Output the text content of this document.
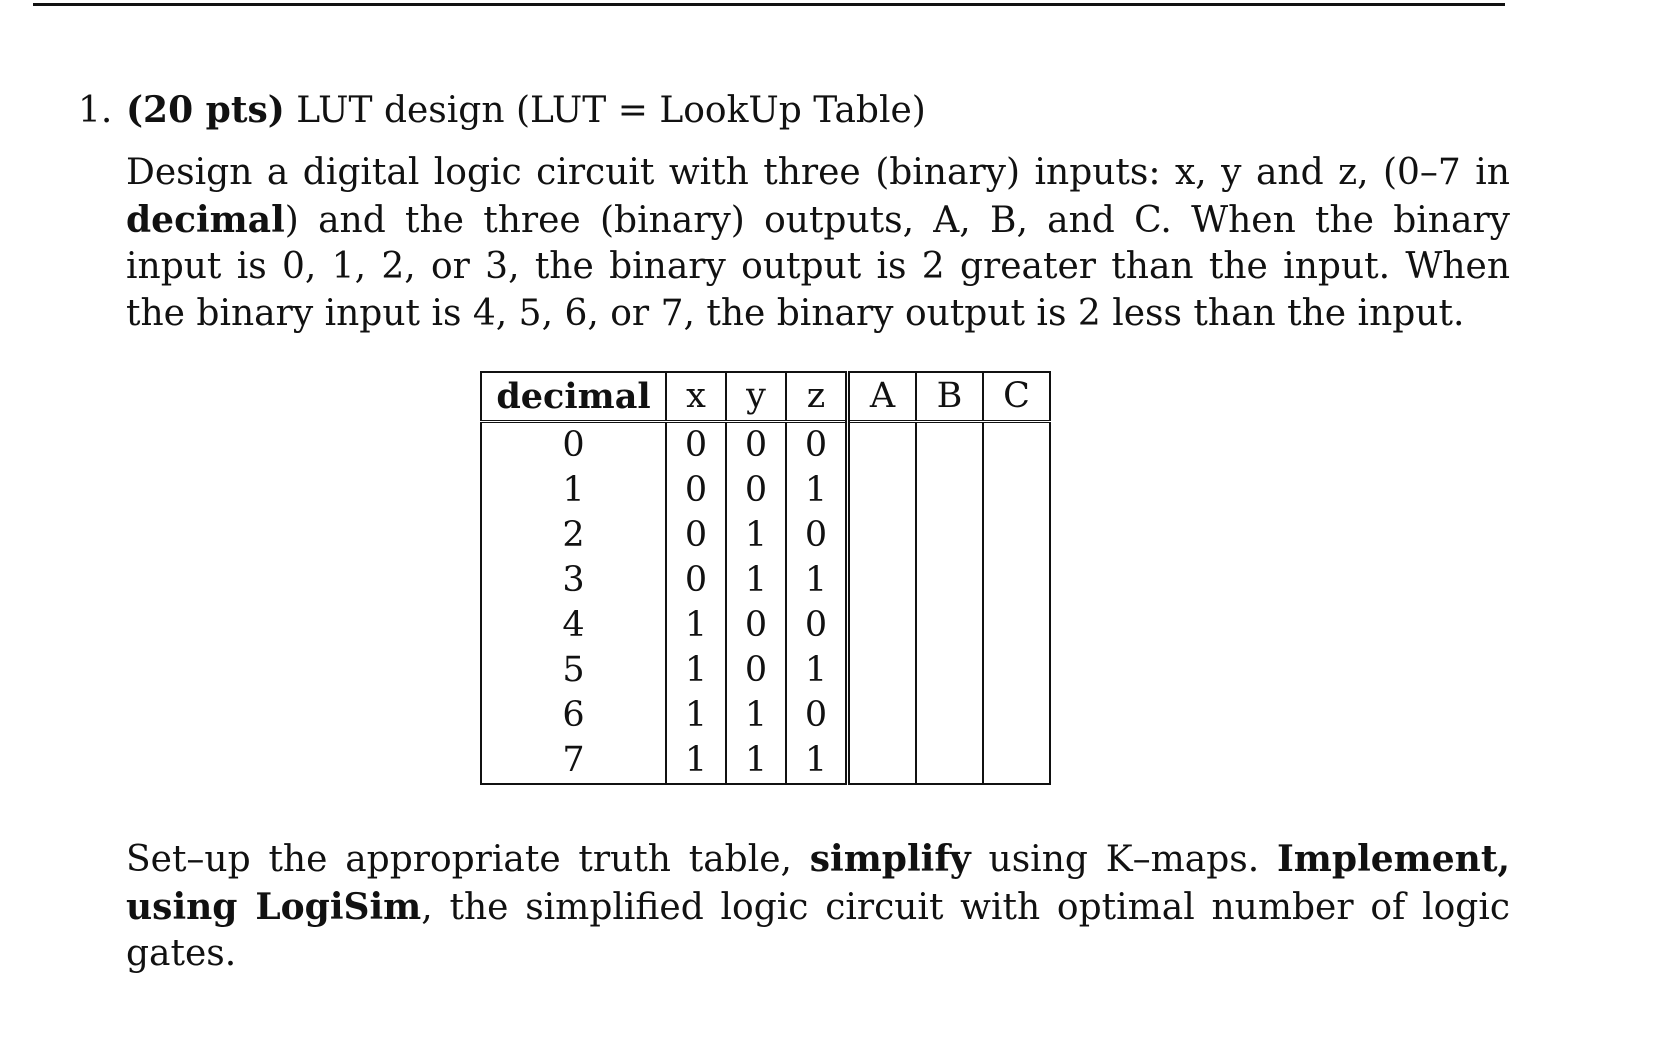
1. (20 pts) LUT design (LUT = LookUp Table)
Design a digital logic circuit with three (binary) inputs: x, y and z, (0–7 in decimal) and the three (binary) outputs, A, B, and C. When the binary input is 0, 1, 2, or 3, the binary output is 2 greater than the input. When the binary input is 4, 5, 6, or 7, the binary output is 2 less than the input.
decimal	x	y	z	A	B	C
0	0	0	0			
1	0	0	1			
2	0	1	0			
3	0	1	1			
4	1	0	0			
5	1	0	1			
6	1	1	0			
7	1	1	1			
Set–up the appropriate truth table, simplify using K–maps. Implement, using LogiSim, the simplified logic circuit with optimal number of logic gates.
